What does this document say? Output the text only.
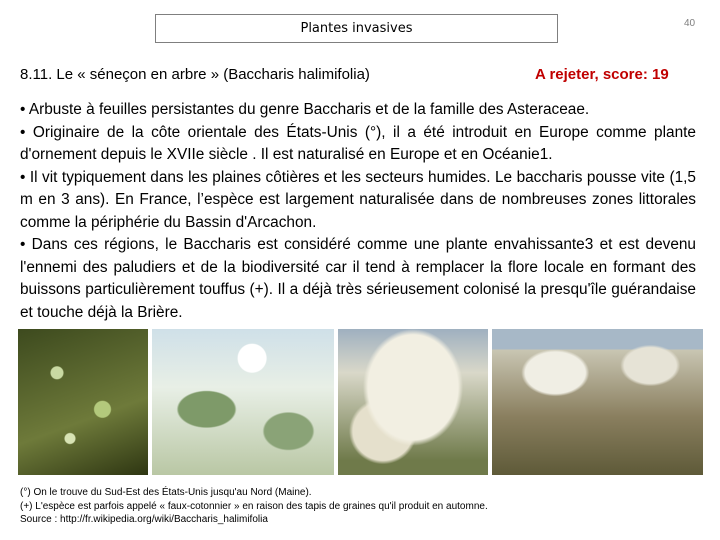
Plantes invasives	40
8.11. Le « séneçon en arbre » (Baccharis halimifolia)	A rejeter, score: 19

• Arbuste à feuilles persistantes du genre Baccharis et de la famille des Asteraceae.

• Originaire de la côte orientale des États-Unis (°), il a été introduit en Europe comme plante d'ornement depuis le XVIIe siècle . Il est naturalisé en Europe et en Océanie1.

• Il vit typiquement dans les plaines côtières et les secteurs humides. Le baccharis pousse vite (1,5 m en 3 ans). En France, l’espèce est largement naturalisée dans de nombreuses zones littorales comme la périphérie du Bassin d'Arcachon.

• Dans ces régions, le Baccharis est considéré comme une plante envahissante3 et est devenu l'ennemi des paludiers et de la biodiversité car il tend à remplacer la flore locale en formant des buissons particulièrement touffus (+). Il a déjà très sérieusement colonisé la presqu'île guérandaise et touche déjà la Brière.

(°) On le trouve du Sud-Est des États-Unis jusqu'au Nord (Maine).

(+) L'espèce est parfois appelé « faux-cotonnier » en raison des tapis de graines qu'il produit en automne.

Source : http://fr.wikipedia.org/wiki/Baccharis_halimifolia
